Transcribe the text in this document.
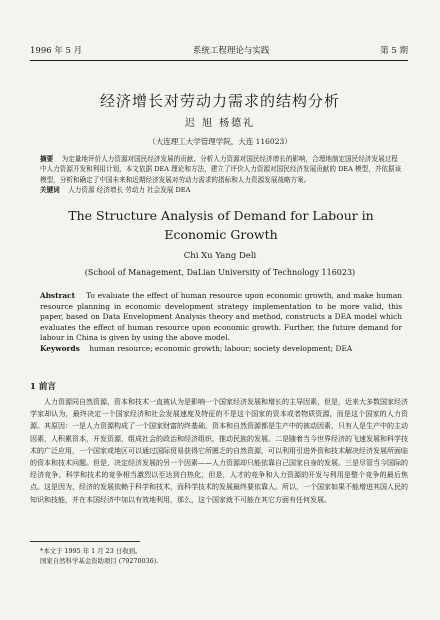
1996 年 5 月	系统工程理论与实践	第 5 期
经济增长对劳动力需求的结构分析
迟 旭 杨德礼
（大连理工大学管理学院，大连 116023）
摘要 为定量地评价人力资源对国民经济发展的贡献、分析人力资源对国民经济增长的影响，合理地制定国民经济发展过程中人力资源开发和利用计划，本文依据 DEA 理论和方法，建立了评价人力资源对国民经济发展贡献的 DEA 模型，并依据该模型，分析和确定了中国未来和近期经济发展对劳动力需求的指标和人力资源发展战略方案。
关键词 人力资源 经济增长 劳动力 社会发展 DEA
The Structure Analysis of Demand for Labour in Economic Growth
Chi Xu Yang Deli
(School of Management, DaLian University of Technology 116023)
Abstract To evaluate the effect of human resource upon economic growth, and make human resource planning in economic development strategy implementation to be more valid, this paper, based on Data Envelopment Analysis theory and method, constructs a DEA model which evaluates the effect of human resource upon economic growth. Further, the future demand for labour in China is given by using the above model.
Keywords human resource; economic growth; labour; society development; DEA
1 前言
人力资源同自然资源、资本和技术一直被认为是影响一个国家经济发展和增长的主导因素，但是，近来大多数国家经济学家却认为，最终决定一个国家经济和社会发展速度及特征的不是这个国家的资本或者物质资源，而是这个国家的人力资源。其原因：一是人力资源构成了一个国家财富的终基础，资本和自然资源都是生产中的被动因素，只有人是生产中的主动因素，人积累资本，开发资源，组成社会的政治和经济组织，推动民族的发展。二是随着当今世界经济的飞速发展和科学技术的广泛应用，一个国家或地区可以通过国际贸易获得它所匮乏的自然资源，可以利用引进外资和技术解决经济发展所面临的资本和技术问题。但是，决定经济发展的另一个因素——人力资源却只能依靠自己国家自身的发展。三是尽管当今国际的经济竞争、科学和技术的竞争相当激烈以至达到白热化，但是，人才的竞争和人力资源的开发与利用是整个竞争的最后焦点。这是因为，经济的发展依赖于科学和技术，而科学技术的发展最终要依靠人。所以，一个国家如果不能增进其国人民的知识和技能，并在本国经济中加以有效地利用，那么，这个国家就不可能在其它方面有任何发展。
*本文于 1995 年 1 月 23 日收到。
国家自然科学基金资助项目 (79270036).
